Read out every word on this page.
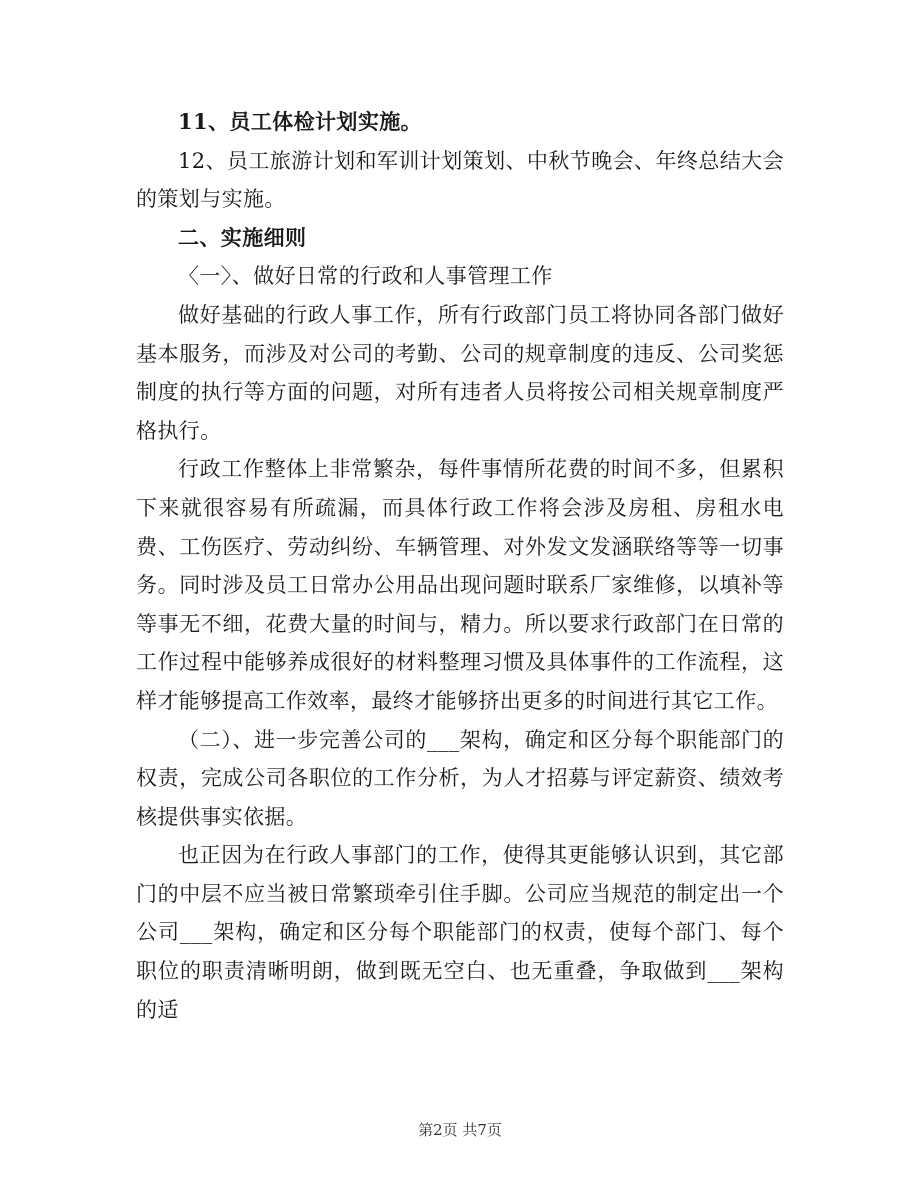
11、员工体检计划实施。

12、员工旅游计划和军训计划策划、中秋节晚会、年终总结大会的策划与实施。

二、实施细则

〈一〉、做好日常的行政和人事管理工作

做好基础的行政人事工作，所有行政部门员工将协同各部门做好基本服务，而涉及对公司的考勤、公司的规章制度的违反、公司奖惩制度的执行等方面的问题，对所有违者人员将按公司相关规章制度严格执行。

行政工作整体上非常繁杂，每件事情所花费的时间不多，但累积下来就很容易有所疏漏，而具体行政工作将会涉及房租、房租水电费、工伤医疗、劳动纠纷、车辆管理、对外发文发涵联络等等一切事务。同时涉及员工日常办公用品出现问题时联系厂家维修，以填补等等事无不细，花费大量的时间与，精力。所以要求行政部门在日常的工作过程中能够养成很好的材料整理习惯及具体事件的工作流程，这样才能够提高工作效率，最终才能够挤出更多的时间进行其它工作。

（二）、进一步完善公司的___架构，确定和区分每个职能部门的权责，完成公司各职位的工作分析，为人才招募与评定薪资、绩效考核提供事实依据。

也正因为在行政人事部门的工作，使得其更能够认识到，其它部门的中层不应当被日常繁琐牵引住手脚。公司应当规范的制定出一个公司___架构，确定和区分每个职能部门的权责，使每个部门、每个职位的职责清晰明朗，做到既无空白、也无重叠，争取做到___架构的适

第2页 共7页
